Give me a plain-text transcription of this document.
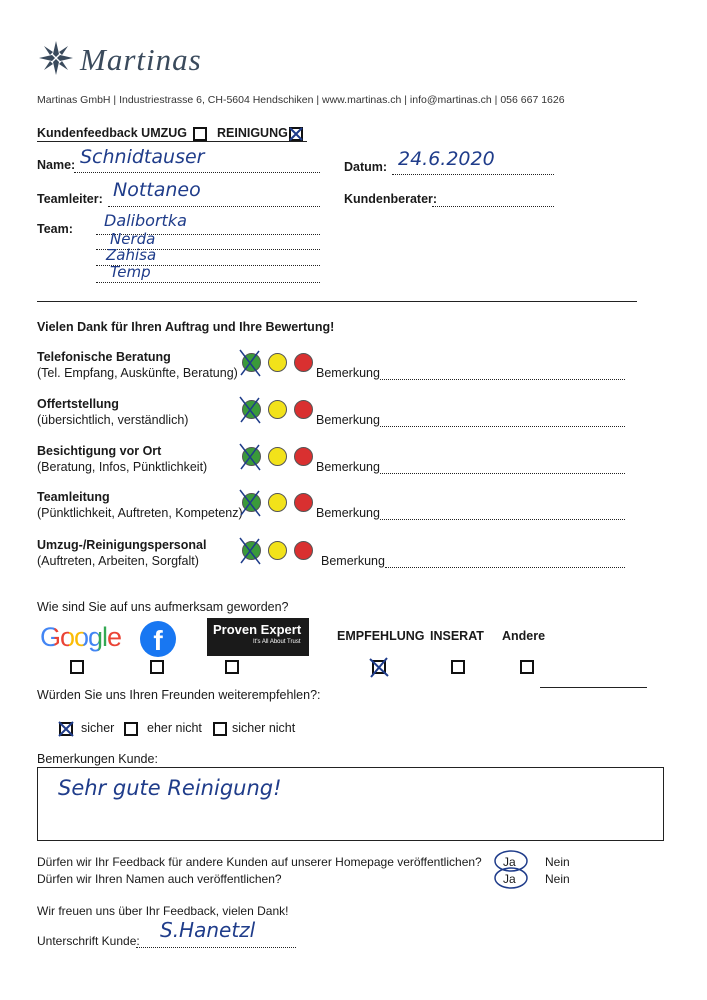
Martinas
Martinas GmbH | Industriestrasse 6, CH-5604 Hendschiken | www.martinas.ch | info@martinas.ch | 056 667 1626
Kundenfeedback UMZUG REINIGUNG
Name: Schnidtauser	Datum: 24.6.2020
Teamleiter: Nottaneo	Kundenberater:
Team: Dalibortka
Nerda
Zahisa
Temp
Vielen Dank für Ihren Auftrag und Ihre Bewertung!
Telefonische Beratung
(Tel. Empfang, Auskünfte, Beratung)	Bemerkung
Offertstellung
(übersichtlich, verständlich)	Bemerkung
Besichtigung vor Ort
(Beratung, Infos, Pünktlichkeit)	Bemerkung
Teamleitung
(Pünktlichkeit, Auftreten, Kompetenz)	Bemerkung
Umzug-/Reinigungspersonal
(Auftreten, Arbeiten, Sorgfalt)	Bemerkung
Wie sind Sie auf uns aufmerksam geworden?
Google	f	Proven Expert
It's All About Trust	EMPFEHLUNG INSERAT Andere
Würden Sie uns Ihren Freunden weiterempfehlen?:
sicher	eher nicht sicher nicht
Bemerkungen Kunde:
Sehr gute Reinigung!
Dürfen wir Ihr Feedback für andere Kunden auf unserer Homepage veröffentlichen? Ja Nein
Dürfen wir Ihren Namen auch veröffentlichen?	Ja Nein
Wir freuen uns über Ihr Feedback, vielen Dank!
Unterschrift Kunde: S.Hanetzl
